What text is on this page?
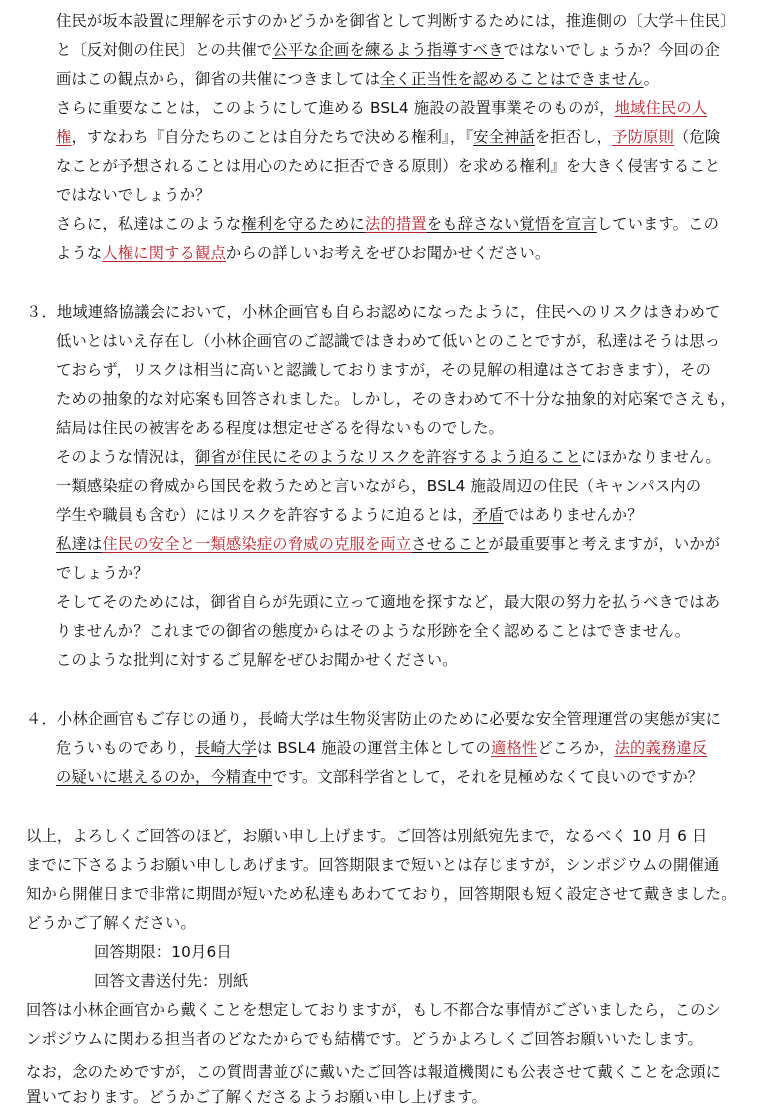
住民が坂本設置に理解を示すのかどうかを御省として判断するためには，推進側の〔大学＋住民〕
と〔反対側の住民〕との共催で公平な企画を練るよう指導すべきではないでしょうか？今回の企
画はこの観点から，御省の共催につきましては全く正当性を認めることはできません。
さらに重要なことは，このようにして進める BSL4 施設の設置事業そのものが，地域住民の人
権，すなわち『自分たちのことは自分たちで決める権利』，『安全神話を拒否し，予防原則（危険
なことが予想されることは用心のために拒否できる原則）を求める権利』を大きく侵害すること
ではないでしょうか？
さらに，私達はこのような権利を守るために法的措置をも辞さない覚悟を宣言しています。この
ような人権に関する観点からの詳しいお考えをぜひお聞かせください。
３．地域連絡協議会において，小林企画官も自らお認めになったように，住民へのリスクはきわめて
低いとはいえ存在し（小林企画官のご認識ではきわめて低いとのことですが，私達はそうは思っ
ておらず，リスクは相当に高いと認識しておりますが，その見解の相違はさておきます），その
ための抽象的な対応案も回答されました。しかし，そのきわめて不十分な抽象的対応案でさえも，
結局は住民の被害をある程度は想定せざるを得ないものでした。
そのような情況は，御省が住民にそのようなリスクを許容するよう迫ることにほかなりません。
一類感染症の脅威から国民を救うためと言いながら，BSL4 施設周辺の住民（キャンパス内の
学生や職員も含む）にはリスクを許容するように迫るとは，矛盾ではありませんか？
私達は住民の安全と一類感染症の脅威の克服を両立させることが最重要事と考えますが，いかが
でしょうか？
そしてそのためには，御省自らが先頭に立って適地を探すなど，最大限の努力を払うべきではあ
りませんか？これまでの御省の態度からはそのような形跡を全く認めることはできません。
このような批判に対するご見解をぜひお聞かせください。
４．小林企画官もご存じの通り，長崎大学は生物災害防止のために必要な安全管理運営の実態が実に
危ういものであり，長崎大学は BSL4 施設の運営主体としての適格性どころか，法的義務違反
の疑いに堪えるのか，今精査中です。文部科学省として，それを見極めなくて良いのですか？
以上，よろしくご回答のほど，お願い申し上げます。ご回答は別紙宛先まで，なるべく 10 月 6 日
までに下さるようお願い申ししあげます。回答期限まで短いとは存じますが，シンポジウムの開催通
知から開催日まで非常に期間が短いため私達もあわてており，回答期限も短く設定させて戴きました。
どうかご了解ください。
回答期限：10月6日
回答文書送付先：別紙
回答は小林企画官から戴くことを想定しておりますが，もし不都合な事情がございましたら，このシ
ンポジウムに関わる担当者のどなたからでも結構です。どうかよろしくご回答お願いいたします。
なお，念のためですが，この質問書並びに戴いたご回答は報道機関にも公表させて戴くことを念頭に
置いております。どうかご了解くださるようお願い申し上げます。
